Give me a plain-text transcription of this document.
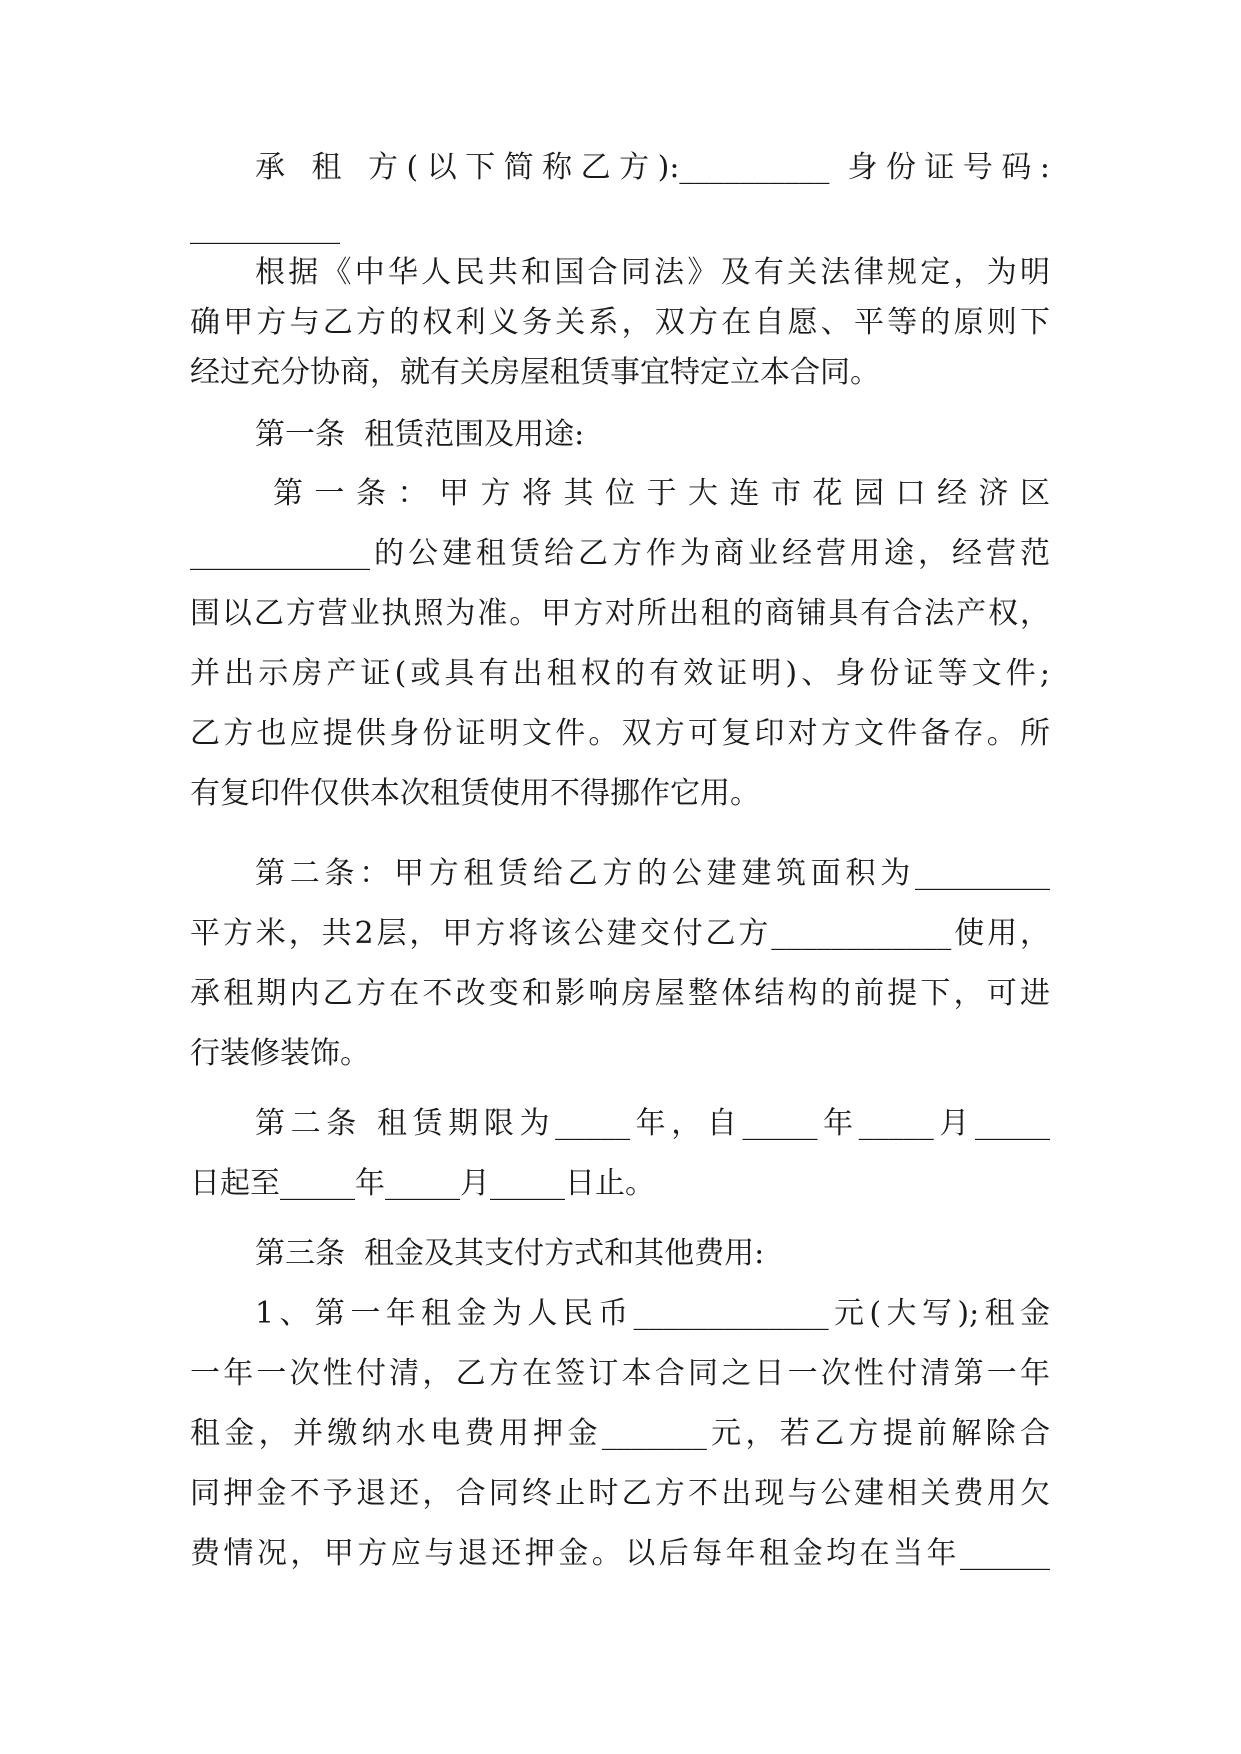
承 租 方(以下简称乙方):__________ 身份证号码:
__________
根据《中华人民共和国合同法》及有关法律规定，为明
确甲方与乙方的权利义务关系，双方在自愿、平等的原则下
经过充分协商，就有关房屋租赁事宜特定立本合同。
第一条  租赁范围及用途:
第 一 条 ： 甲 方 将 其 位 于 大 连 市 花 园 口 经 济 区
____________的公建租赁给乙方作为商业经营用途，经营范
围以乙方营业执照为准。甲方对所出租的商铺具有合法产权，
并出示房产证(或具有出租权的有效证明)、身份证等文件;
乙方也应提供身份证明文件。双方可复印对方文件备存。所
有复印件仅供本次租赁使用不得挪作它用。
第二条：甲方租赁给乙方的公建建筑面积为_________
平方米，共2层，甲方将该公建交付乙方____________使用，
承租期内乙方在不改变和影响房屋整体结构的前提下，可进
行装修装饰。
第二条 租赁期限为_____年，自_____年_____月_____
日起至_____年_____月_____日止。
第三条  租金及其支付方式和其他费用:
1、第一年租金为人民币_____________元(大写);租金
一年一次性付清，乙方在签订本合同之日一次性付清第一年
租金，并缴纳水电费用押金_______元，若乙方提前解除合
同押金不予退还，合同终止时乙方不出现与公建相关费用欠
费情况，甲方应与退还押金。以后每年租金均在当年______
